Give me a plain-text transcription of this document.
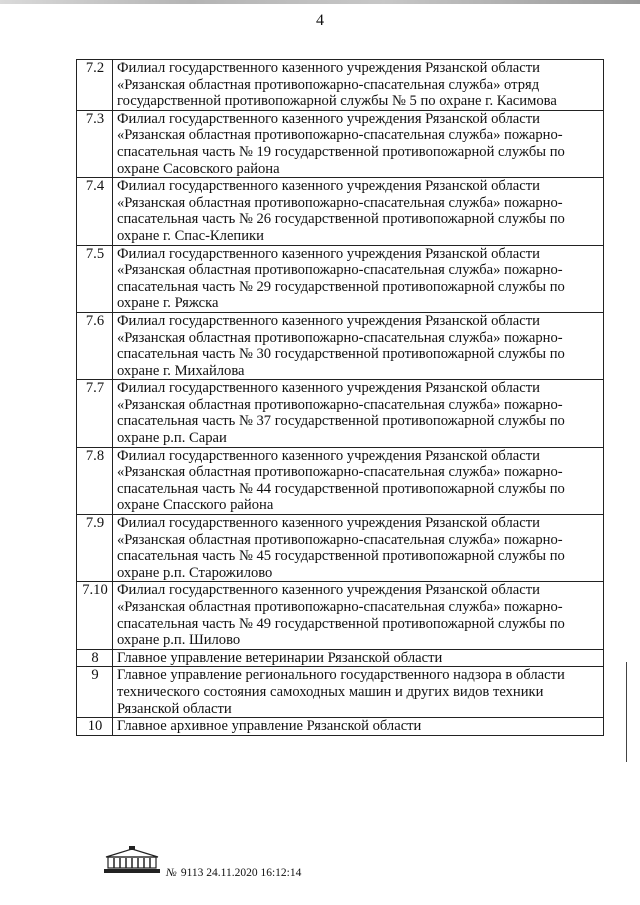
4
7.2	Филиал государственного казенного учреждения Рязанской области «Рязанская областная противопожарно-спасательная служба» отряд государственной противопожарной службы № 5 по охране г. Касимова
7.3	Филиал государственного казенного учреждения Рязанской области «Рязанская областная противопожарно-спасательная служба» пожарно-спасательная часть № 19 государственной противопожарной службы по охране Сасовского района
7.4	Филиал государственного казенного учреждения Рязанской области «Рязанская областная противопожарно-спасательная служба» пожарно-спасательная часть № 26 государственной противопожарной службы по охране г. Спас-Клепики
7.5	Филиал государственного казенного учреждения Рязанской области «Рязанская областная противопожарно-спасательная служба» пожарно-спасательная часть № 29 государственной противопожарной службы по охране г. Ряжска
7.6	Филиал государственного казенного учреждения Рязанской области «Рязанская областная противопожарно-спасательная служба» пожарно-спасательная часть № 30 государственной противопожарной службы по охране г. Михайлова
7.7	Филиал государственного казенного учреждения Рязанской области «Рязанская областная противопожарно-спасательная служба» пожарно-спасательная часть № 37 государственной противопожарной службы по охране р.п. Сараи
7.8	Филиал государственного казенного учреждения Рязанской области «Рязанская областная противопожарно-спасательная служба» пожарно-спасательная часть № 44 государственной противопожарной службы по охране Спасского района
7.9	Филиал государственного казенного учреждения Рязанской области «Рязанская областная противопожарно-спасательная служба» пожарно-спасательная часть № 45 государственной противопожарной службы по охране р.п. Старожилово
7.10	Филиал государственного казенного учреждения Рязанской области «Рязанская областная противопожарно-спасательная служба» пожарно-спасательная часть № 49 государственной противопожарной службы по охране р.п. Шилово
8	Главное управление ветеринарии Рязанской области
9	Главное управление регионального государственного надзора в области технического состояния самоходных машин и других видов техники Рязанской области
10	Главное архивное управление Рязанской области
№ 9113 24.11.2020 16:12:14
